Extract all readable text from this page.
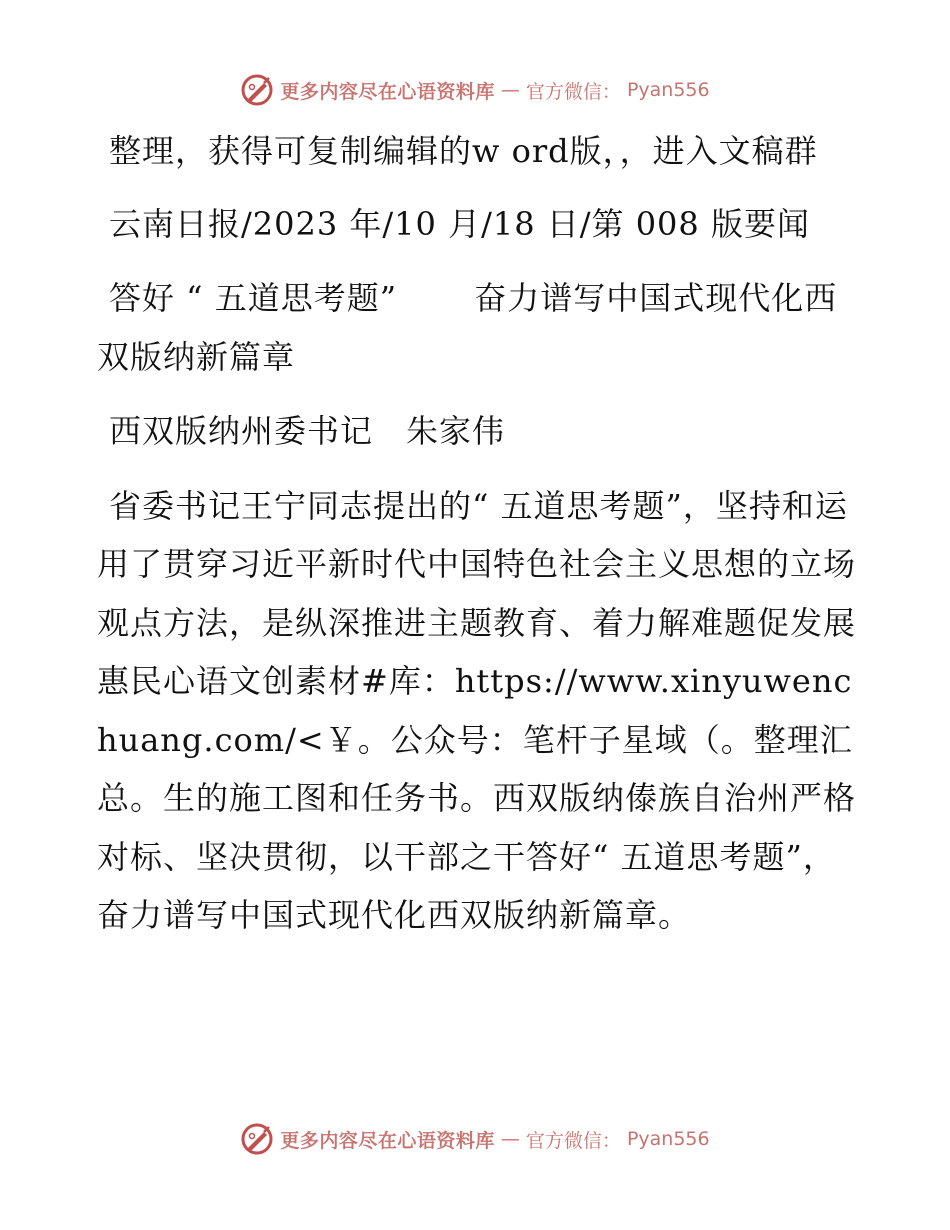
更多内容尽在心语资料库 — 官方微信： Pyan556

整理，获得可复制编辑的w ord版，，进入文稿群

云南日报/2023 年/10 月/18 日/第 008 版要闻

答好 “ 五道思考题”　　 奋力谱写中国式现代化西双版纳新篇章

西双版纳州委书记　朱家伟

省委书记王宁同志提出的“ 五道思考题”，坚持和运用了贯穿习近平新时代中国特色社会主义思想的立场观点方法，是纵深推进主题教育、着力解难题促发展惠民心语文创素材#库：https://www.xinyuwenchuang.com/<￥。公众号：笔杆子星域（。整理汇总。生的施工图和任务书。西双版纳傣族自治州严格对标、坚决贯彻，以干部之干答好“ 五道思考题”，奋力谱写中国式现代化西双版纳新篇章。

更多内容尽在心语资料库 — 官方微信： Pyan556
